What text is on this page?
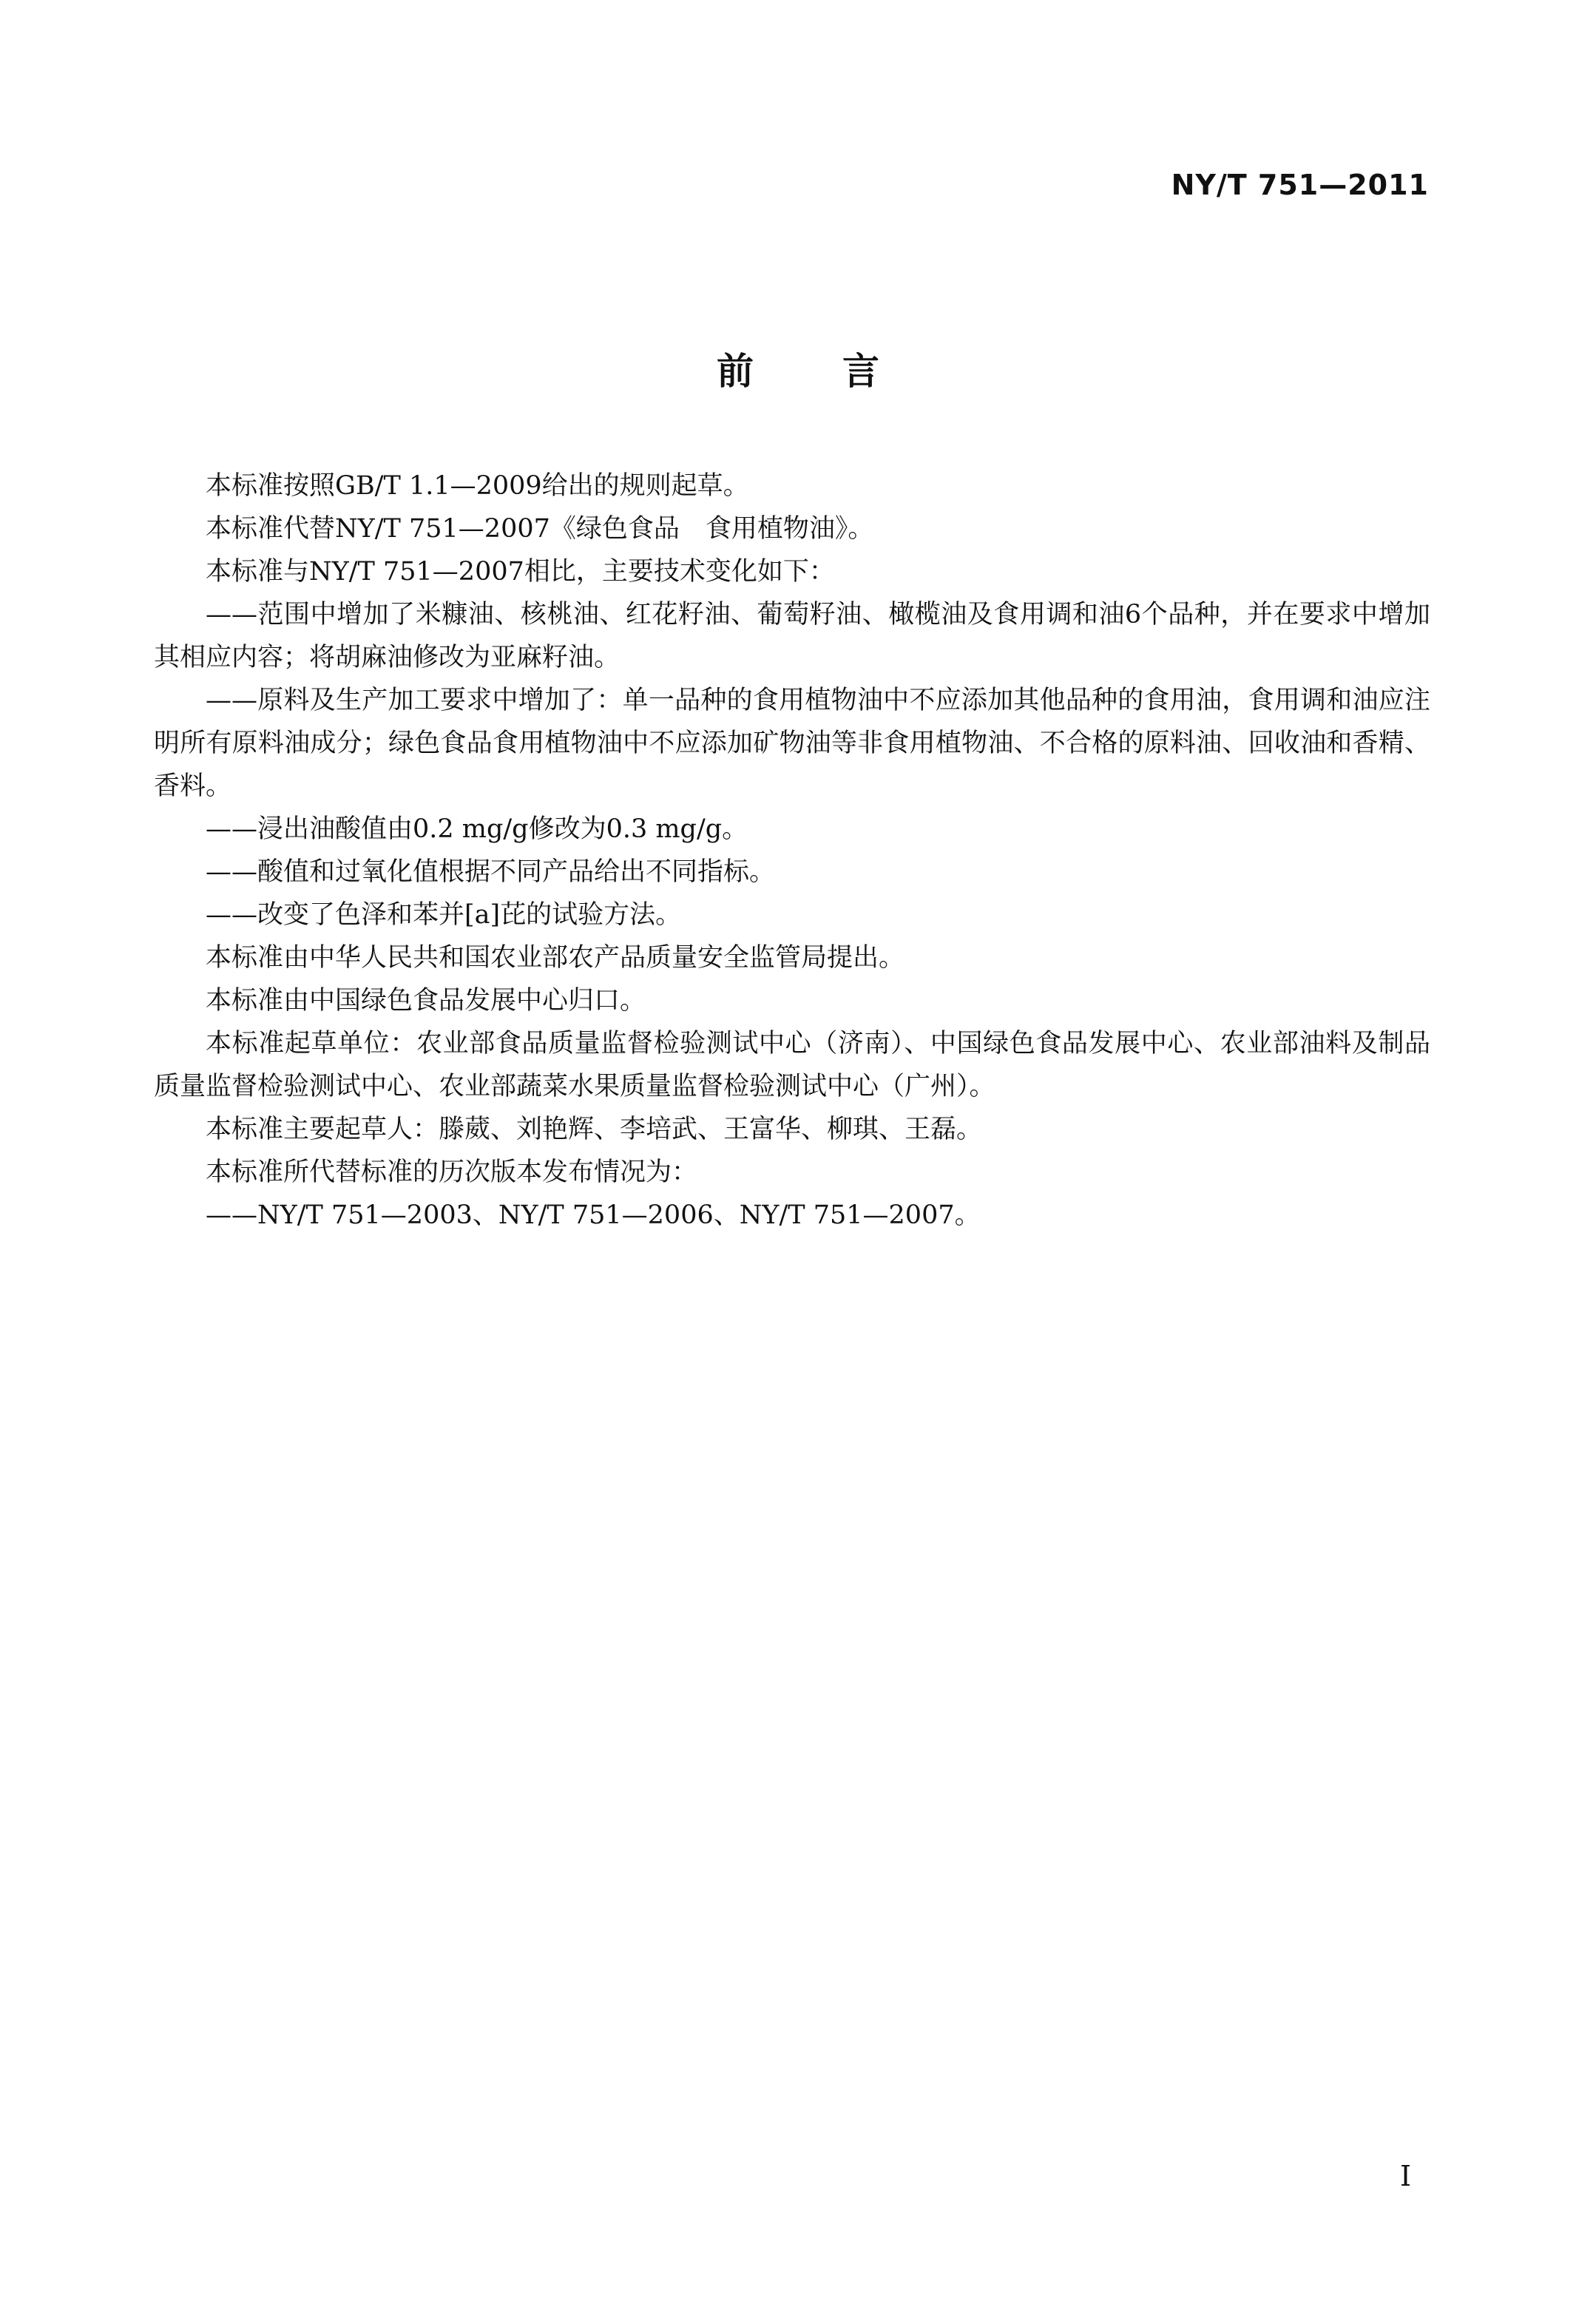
NY/T 751—2011
前言

本标准按照GB/T 1.1—2009给出的规则起草。

本标准代替NY/T 751—2007《绿色食品　食用植物油》。

本标准与NY/T 751—2007相比，主要技术变化如下：

——范围中增加了米糠油、核桃油、红花籽油、葡萄籽油、橄榄油及食用调和油6个品种，并在要求中增加其相应内容；将胡麻油修改为亚麻籽油。

——原料及生产加工要求中增加了：单一品种的食用植物油中不应添加其他品种的食用油，食用调和油应注明所有原料油成分；绿色食品食用植物油中不应添加矿物油等非食用植物油、不合格的原料油、回收油和香精、香料。

——浸出油酸值由0.2 mg/g修改为0.3 mg/g。

——酸值和过氧化值根据不同产品给出不同指标。

——改变了色泽和苯并[a]芘的试验方法。

本标准由中华人民共和国农业部农产品质量安全监管局提出。

本标准由中国绿色食品发展中心归口。

本标准起草单位：农业部食品质量监督检验测试中心（济南）、中国绿色食品发展中心、农业部油料及制品质量监督检验测试中心、农业部蔬菜水果质量监督检验测试中心（广州）。

本标准主要起草人：滕葳、刘艳辉、李培武、王富华、柳琪、王磊。

本标准所代替标准的历次版本发布情况为：

——NY/T 751—2003、NY/T 751—2006、NY/T 751—2007。

I
